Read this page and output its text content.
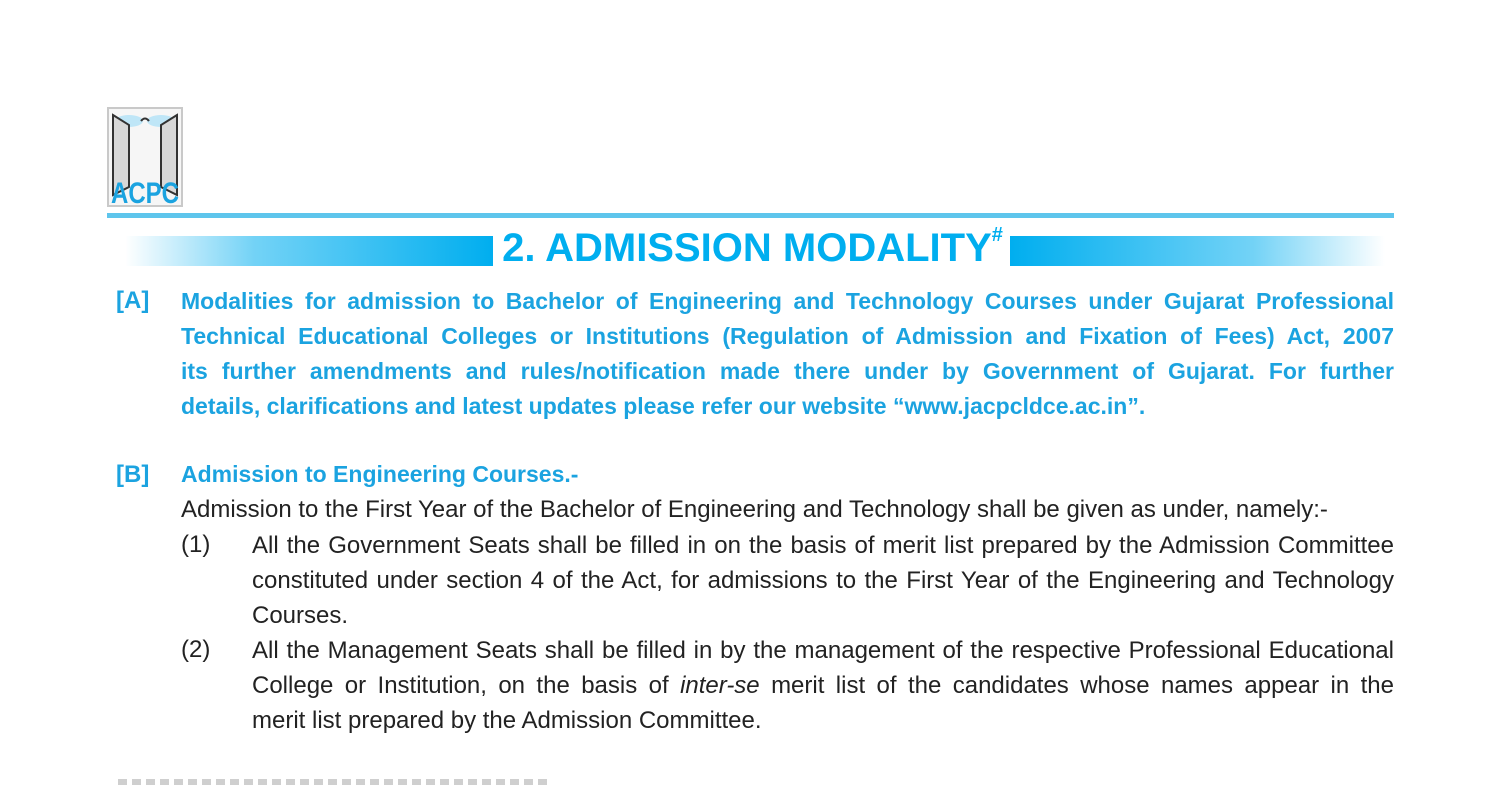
ACPC
2. ADMISSION MODALITY#
[A] Modalities for admission to Bachelor of Engineering and Technology Courses under Gujarat Professional
Technical Educational Colleges or Institutions (Regulation of Admission and Fixation of Fees) Act, 2007
its further amendments and rules/notification made there under by Government of Gujarat. For further
details, clarifications and latest updates please refer our website “www.jacpcldce.ac.in”.
[B] Admission to Engineering Courses.-
Admission to the First Year of the Bachelor of Engineering and Technology shall be given as under, namely:-
(1) All the Government Seats shall be filled in on the basis of merit list prepared by the Admission Committee
constituted under section 4 of the Act, for admissions to the First Year of the Engineering and Technology
Courses.
(2) All the Management Seats shall be filled in by the management of the respective Professional Educational
College or Institution, on the basis of inter-se merit list of the candidates whose names appear in the
merit list prepared by the Admission Committee.
